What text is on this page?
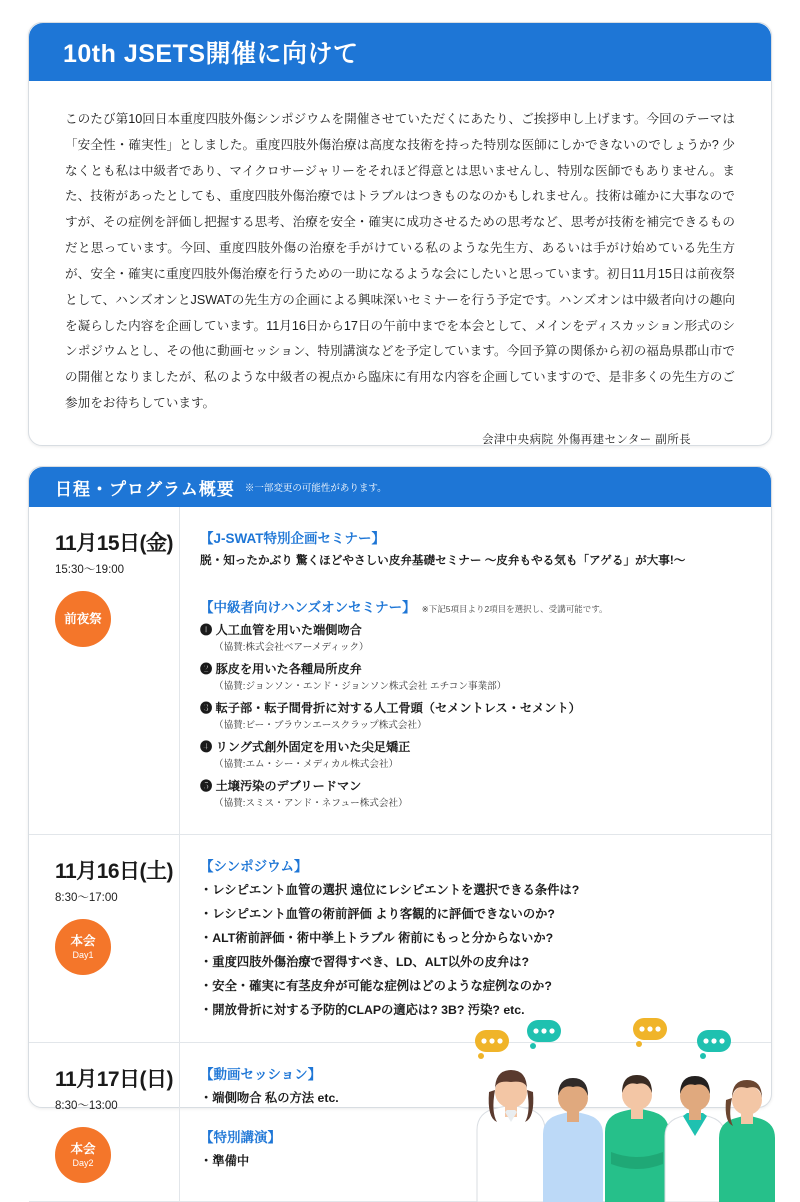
10th JSETS開催に向けて

このたび第10回日本重度四肢外傷シンポジウムを開催させていただくにあたり、ご挨拶申し上げます。今回のテーマは「安全性・確実性」としました。重度四肢外傷治療は高度な技術を持った特別な医師にしかできないのでしょうか? 少なくとも私は中級者であり、マイクロサージャリーをそれほど得意とは思いませんし、特別な医師でもありません。また、技術があったとしても、重度四肢外傷治療ではトラブルはつきものなのかもしれません。技術は確かに大事なのですが、その症例を評価し把握する思考、治療を安全・確実に成功させるための思考など、思考が技術を補完できるものだと思っています。今回、重度四肢外傷の治療を手がけている私のような先生方、あるいは手がけ始めている先生方が、安全・確実に重度四肢外傷治療を行うための一助になるような会にしたいと思っています。初日11月15日は前夜祭として、ハンズオンとJSWATの先生方の企画による興味深いセミナーを行う予定です。ハンズオンは中級者向けの趣向を凝らした内容を企画しています。11月16日から17日の午前中までを本会として、メインをディスカッション形式のシンポジウムとし、その他に動画セッション、特別講演などを予定しています。今回予算の関係から初の福島県郡山市での開催となりましたが、私のような中級者の視点から臨床に有用な内容を企画していますので、是非多くの先生方のご参加をお待ちしています。

会津中央病院 外傷再建センター 副所長
日程・プログラム概要 ※一部変更の可能性があります。
11月15日(金)
15:30〜19:00
前夜祭
【J-SWAT特別企画セミナー】
脱・知ったかぶり 驚くほどやさしい皮弁基礎セミナー 〜皮弁もやる気も「アゲる」が大事!〜
【中級者向けハンズオンセミナー】 ※下記5項目より2項目を選択し、受講可能です。
❶ 人工血管を用いた端側吻合
（協賛:株式会社ベアーメディック）
❷ 豚皮を用いた各種局所皮弁
（協賛:ジョンソン・エンド・ジョンソン株式会社 エチコン事業部）
❸ 転子部・転子間骨折に対する人工骨頭（セメントレス・セメント）
（協賛:ビー・ブラウンエースクラップ株式会社）
❹ リング式創外固定を用いた尖足矯正
（協賛:エム・シー・メディカル株式会社）
❺ 土壌汚染のデブリードマン
（協賛:スミス・アンド・ネフュー株式会社）
11月16日(土)
8:30〜17:00
本会
Day1
【シンポジウム】
・レシピエント血管の選択 遠位にレシピエントを選択できる条件は?
・レシピエント血管の術前評価 より客観的に評価できないのか?
・ALT術前評価・術中挙上トラブル 術前にもっと分からないか?
・重度四肢外傷治療で習得すべき、LD、ALT以外の皮弁は?
・安全・確実に有茎皮弁が可能な症例はどのような症例なのか?
・開放骨折に対する予防的CLAPの適応は? 3B? 汚染? etc.
11月17日(日)
8:30〜13:00
本会
Day2
【動画セッション】
・端側吻合 私の方法 etc.
【特別講演】
・準備中
